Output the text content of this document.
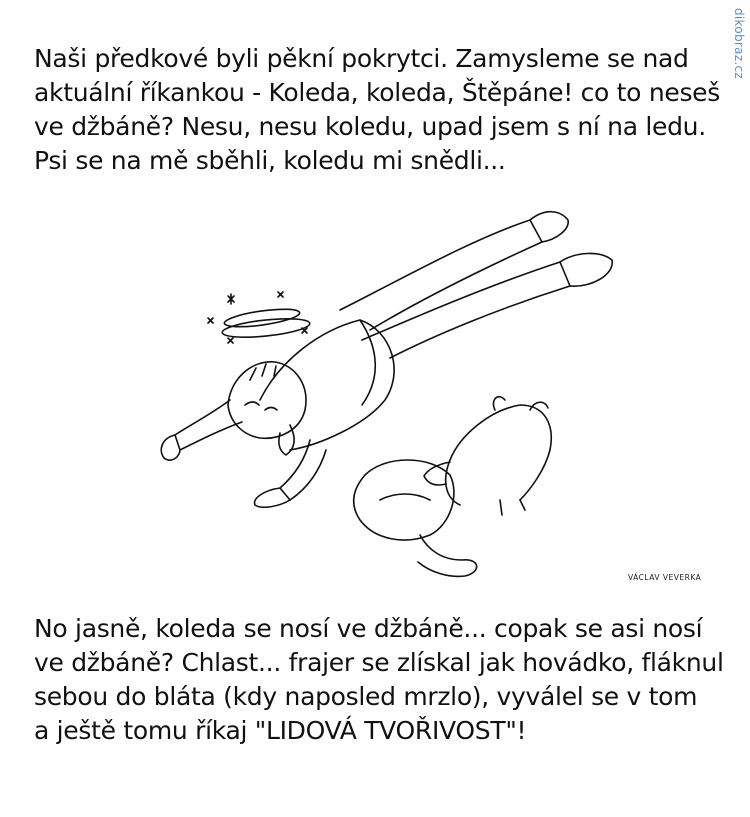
dikobraz.cz
Naši předkové byli pěkní pokrytci. Zamysleme se nad
aktuální říkankou - Koleda, koleda, Štěpáne! co to neseš
ve džbáně? Nesu, nesu koledu, upad jsem s ní na ledu.
Psi se na mě sběhli, koledu mi snědli...
VÁCLAV VEVERKA
No jasně, koleda se nosí ve džbáně... copak se asi nosí
ve džbáně? Chlast... frajer se zlískal jak hovádko, fláknul
sebou do bláta (kdy naposled mrzlo), vyválel se v tom
a ještě tomu říkaj "LIDOVÁ TVOŘIVOST"!
